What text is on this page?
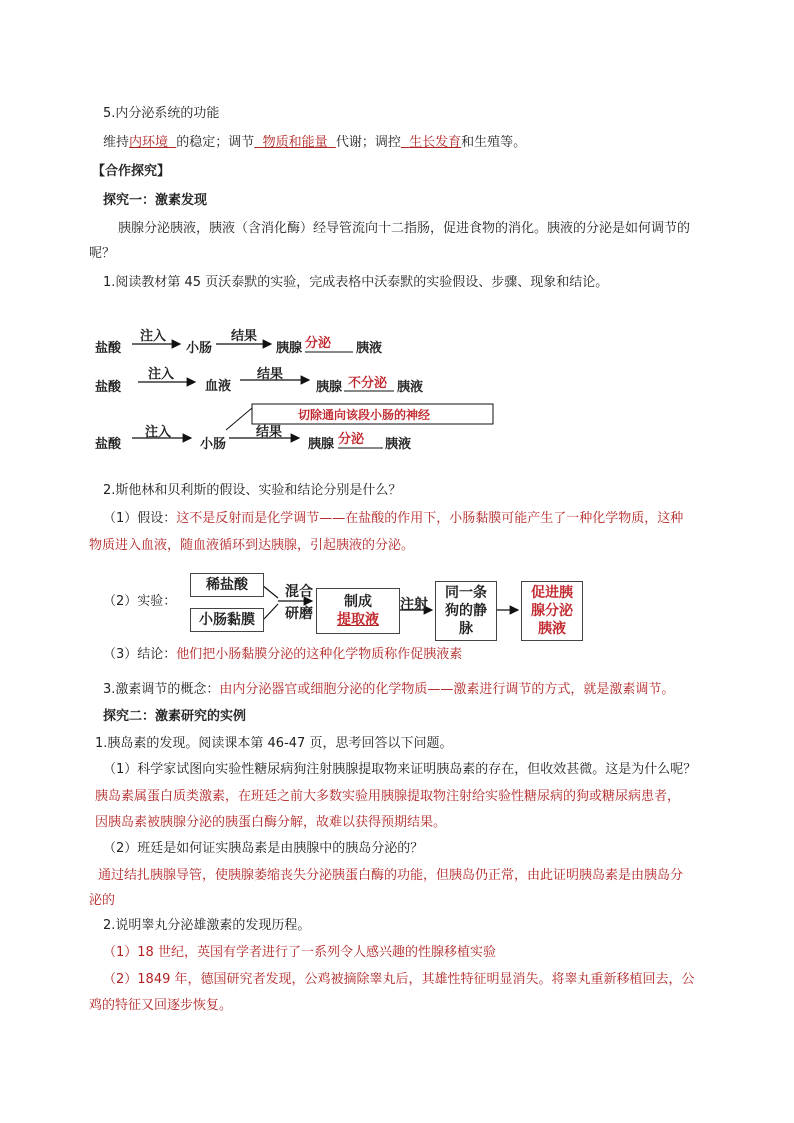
5.内分泌系统的功能
维持内环境 的稳定；调节 物质和能量 代谢；调控 生长发育和生殖等。
【合作探究】
探究一：激素发现
胰腺分泌胰液，胰液（含消化酶）经导管流向十二指肠，促进食物的消化。胰液的分泌是如何调节的
呢？
1.阅读教材第 45 页沃泰默的实验，完成表格中沃泰默的实验假设、步骤、现象和结论。
盐酸
注入
小肠
结果
胰腺 分泌 胰液
盐酸
注入
血液
结果
胰腺 不分泌 胰液
切除通向该段小肠的神经
盐酸
注入
小肠
结果
胰腺 分泌 胰液
2.斯他林和贝利斯的假设、实验和结论分别是什么？
（1）假设：这不是反射而是化学调节——在盐酸的作用下，小肠黏膜可能产生了一种化学物质，这种
物质进入血液，随血液循环到达胰腺，引起胰液的分泌。
（2）实验：
稀盐酸
小肠黏膜
混合
研磨
制成
提取液
注射
同一条
狗的静
脉
促进胰
腺分泌
胰液
（3）结论：他们把小肠黏膜分泌的这种化学物质称作促胰液素
3.激素调节的概念：由内分泌器官或细胞分泌的化学物质——激素进行调节的方式，就是激素调节。
探究二：激素研究的实例
1.胰岛素的发现。阅读课本第 46-47 页，思考回答以下问题。
（1）科学家试图向实验性糖尿病狗注射胰腺提取物来证明胰岛素的存在，但收效甚微。这是为什么呢？
胰岛素属蛋白质类激素，在班廷之前大多数实验用胰腺提取物注射给实验性糖尿病的狗或糖尿病患者，
因胰岛素被胰腺分泌的胰蛋白酶分解，故难以获得预期结果。
（2）班廷是如何证实胰岛素是由胰腺中的胰岛分泌的？
通过结扎胰腺导管，使胰腺萎缩丧失分泌胰蛋白酶的功能，但胰岛仍正常，由此证明胰岛素是由胰岛分
泌的
2.说明睾丸分泌雄激素的发现历程。
（1）18 世纪，英国有学者进行了一系列令人感兴趣的性腺移植实验
（2）1849 年，德国研究者发现，公鸡被摘除睾丸后，其雄性特征明显消失。将睾丸重新移植回去，公
鸡的特征又回逐步恢复。
